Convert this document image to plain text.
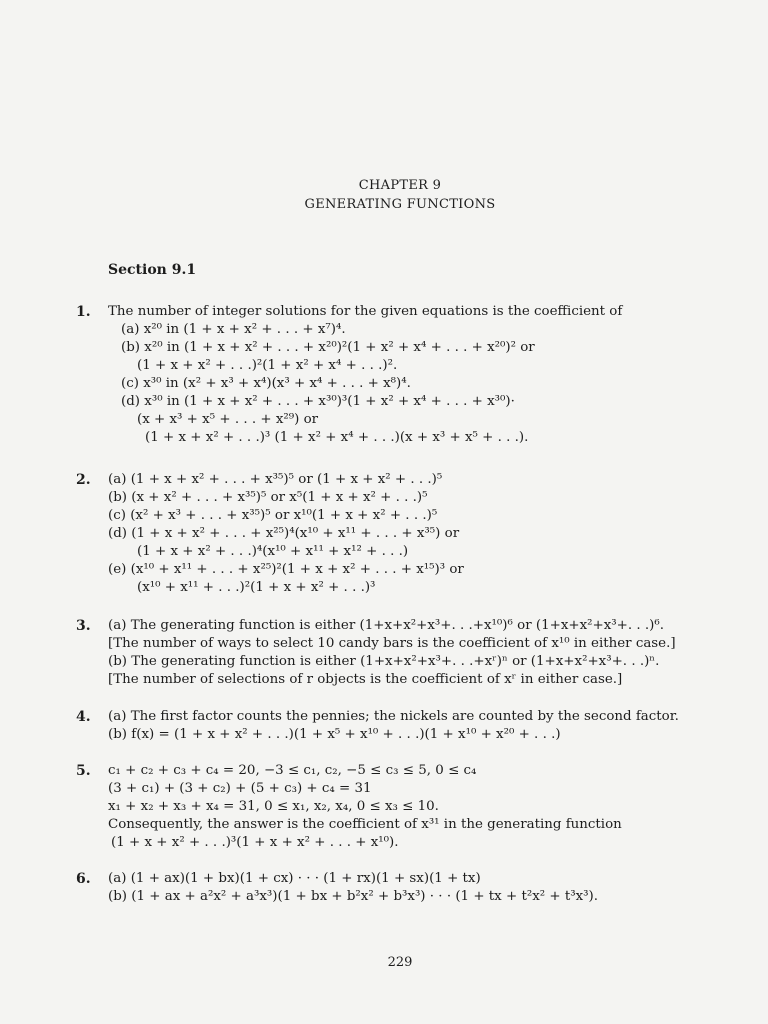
CHAPTER 9
GENERATING FUNCTIONS
Section 9.1
1. The number of integer solutions for the given equations is the coefficient of
(a) x²⁰ in (1 + x + x² + . . . + x⁷)⁴.
(b) x²⁰ in (1 + x + x² + . . . + x²⁰)²(1 + x² + x⁴ + . . . + x²⁰)² or
(1 + x + x² + . . .)²(1 + x² + x⁴ + . . .)².
(c) x³⁰ in (x² + x³ + x⁴)(x³ + x⁴ + . . . + x⁸)⁴.
(d) x³⁰ in (1 + x + x² + . . . + x³⁰)³(1 + x² + x⁴ + . . . + x³⁰)·
(x + x³ + x⁵ + . . . + x²⁹) or
(1 + x + x² + . . .)³ (1 + x² + x⁴ + . . .)(x + x³ + x⁵ + . . .).
2. (a) (1 + x + x² + . . . + x³⁵)⁵ or (1 + x + x² + . . .)⁵
(b) (x + x² + . . . + x³⁵)⁵ or x⁵(1 + x + x² + . . .)⁵
(c) (x² + x³ + . . . + x³⁵)⁵ or x¹⁰(1 + x + x² + . . .)⁵
(d) (1 + x + x² + . . . + x²⁵)⁴(x¹⁰ + x¹¹ + . . . + x³⁵) or
(1 + x + x² + . . .)⁴(x¹⁰ + x¹¹ + x¹² + . . .)
(e) (x¹⁰ + x¹¹ + . . . + x²⁵)²(1 + x + x² + . . . + x¹⁵)³ or
(x¹⁰ + x¹¹ + . . .)²(1 + x + x² + . . .)³
3. (a) The generating function is either (1+x+x²+x³+. . .+x¹⁰)⁶ or (1+x+x²+x³+. . .)⁶.
[The number of ways to select 10 candy bars is the coefficient of x¹⁰ in either case.]
(b) The generating function is either (1+x+x²+x³+. . .+xʳ)ⁿ or (1+x+x²+x³+. . .)ⁿ.
[The number of selections of r objects is the coefficient of xʳ in either case.]
4. (a) The first factor counts the pennies; the nickels are counted by the second factor.
(b) f(x) = (1 + x + x² + . . .)(1 + x⁵ + x¹⁰ + . . .)(1 + x¹⁰ + x²⁰ + . . .)
5. c₁ + c₂ + c₃ + c₄ = 20, −3 ≤ c₁, c₂, −5 ≤ c₃ ≤ 5, 0 ≤ c₄
(3 + c₁) + (3 + c₂) + (5 + c₃) + c₄ = 31
x₁ + x₂ + x₃ + x₄ = 31, 0 ≤ x₁, x₂, x₄, 0 ≤ x₃ ≤ 10.
Consequently, the answer is the coefficient of x³¹ in the generating function
(1 + x + x² + . . .)³(1 + x + x² + . . . + x¹⁰).
6. (a) (1 + ax)(1 + bx)(1 + cx) · · · (1 + rx)(1 + sx)(1 + tx)
(b) (1 + ax + a²x² + a³x³)(1 + bx + b²x² + b³x³) · · · (1 + tx + t²x² + t³x³).
229
